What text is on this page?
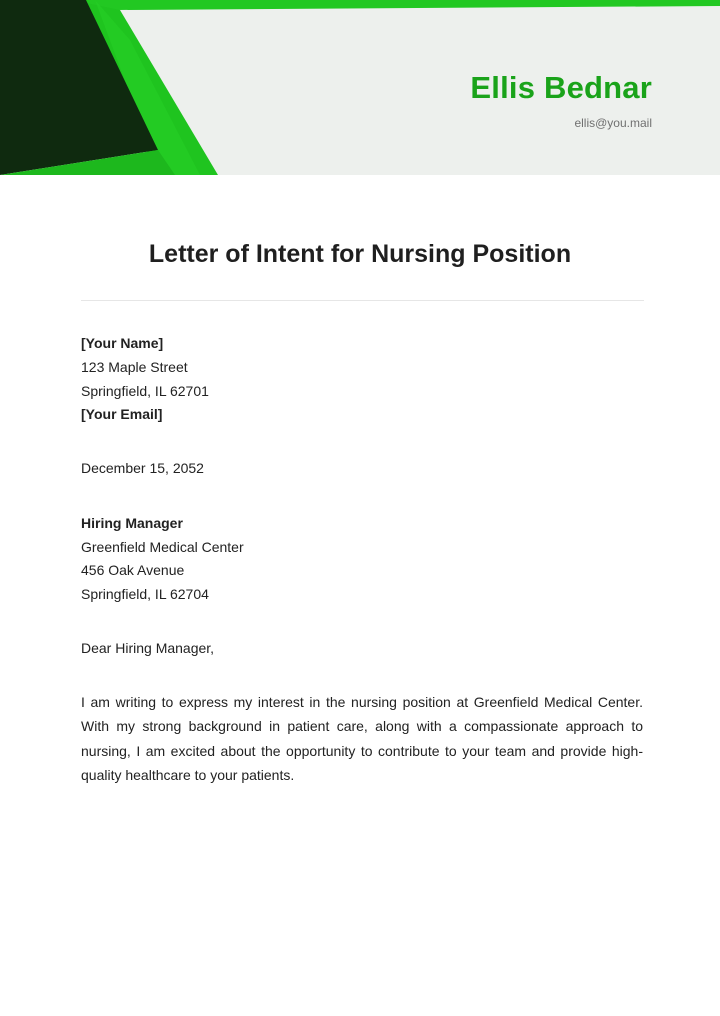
Ellis Bednar
ellis@you.mail
Letter of Intent for Nursing Position
[Your Name]
123 Maple Street
Springfield, IL 62701
[Your Email]
December 15, 2052
Hiring Manager
Greenfield Medical Center
456 Oak Avenue
Springfield, IL 62704
Dear Hiring Manager,
I am writing to express my interest in the nursing position at Greenfield Medical Center. With my strong background in patient care, along with a compassionate approach to nursing, I am excited about the opportunity to contribute to your team and provide high-quality healthcare to your patients.
